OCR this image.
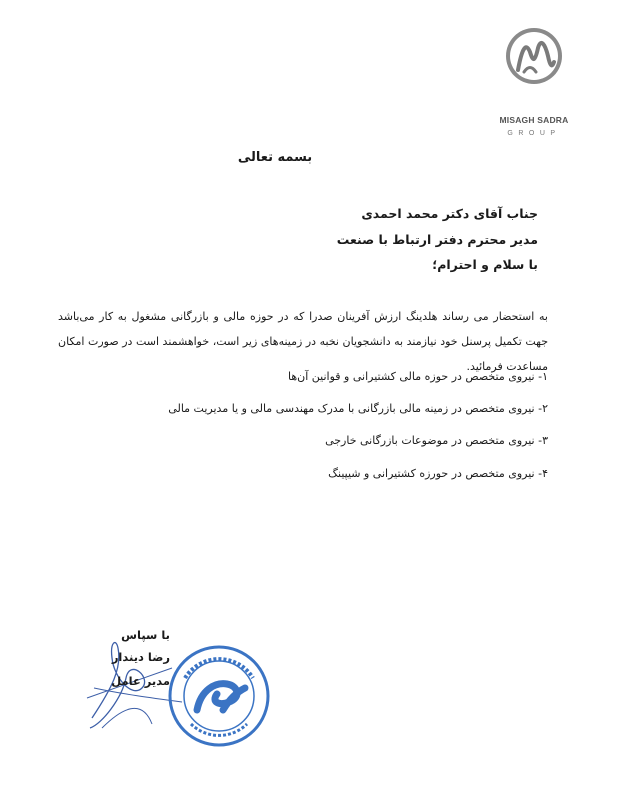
MISAGH SADRA
GROUP
بسمه تعالی
جناب آقای دکتر محمد احمدی
مدیر محترم دفتر ارتباط با صنعت
با سلام و احترام؛
به استحضار می رساند هلدینگ ارزش آفرینان صدرا که در حوزه مالی و بازرگانی مشغول به کار می‌باشد جهت تکمیل پرسنل خود نیازمند به دانشجویان نخبه در زمینه‌های زیر است، خواهشمند است در صورت امکان مساعدت فرمائید.
۱- نیروی متخصص در حوزه مالی کشتیرانی و قوانین آن‌ها
۲- نیروی متخصص در زمینه مالی بازرگانی با مدرک مهندسی مالی و یا مدیریت مالی
۳- نیروی متخصص در موضوعات بازرگانی خارجی
۴- نیروی متخصص در حورزه کشتیرانی و شیپینگ
با سپاس
رضا دیندار
مدیر عامل
